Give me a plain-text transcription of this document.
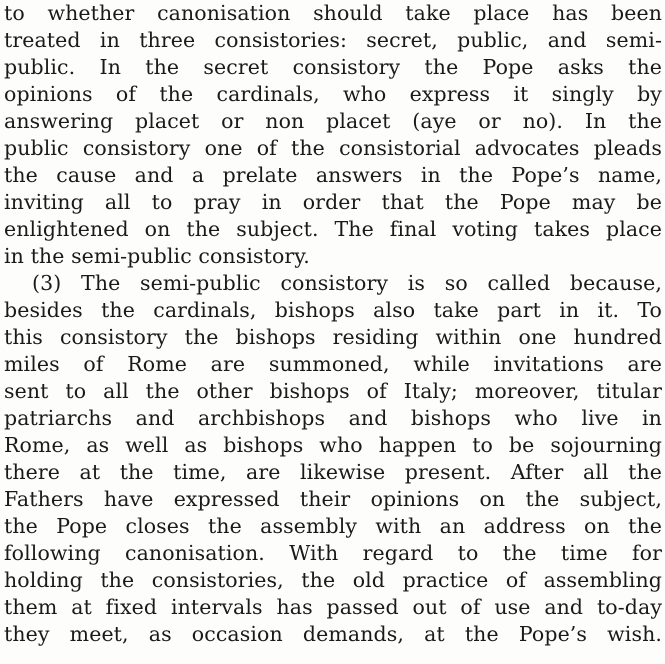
to whether canonisation should take place has been
treated in three consistories: secret, public, and semi-
public. In the secret consistory the Pope asks the
opinions of the cardinals, who express it singly by
answering placet or non placet (aye or no). In the
public consistory one of the consistorial advocates pleads
the cause and a prelate answers in the Pope’s name,
inviting all to pray in order that the Pope may be
enlightened on the subject. The final voting takes place
in the semi-public consistory.
(3) The semi-public consistory is so called because,
besides the cardinals, bishops also take part in it. To
this consistory the bishops residing within one hundred
miles of Rome are summoned, while invitations are
sent to all the other bishops of Italy; moreover, titular
patriarchs and archbishops and bishops who live in
Rome, as well as bishops who happen to be sojourning
there at the time, are likewise present. After all the
Fathers have expressed their opinions on the subject,
the Pope closes the assembly with an address on the
following canonisation. With regard to the time for
holding the consistories, the old practice of assembling
them at fixed intervals has passed out of use and to-day
they meet, as occasion demands, at the Pope’s wish.
